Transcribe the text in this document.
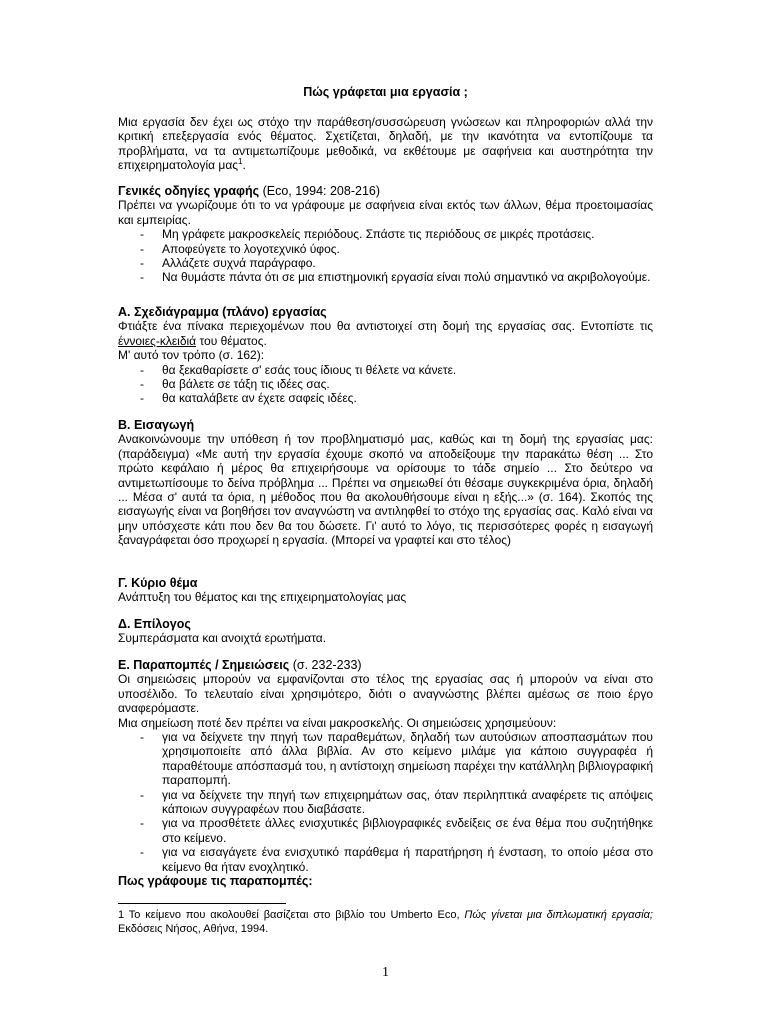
Πώς γράφεται μια εργασία ;

Μια εργασία δεν έχει ως στόχο την παράθεση/συσσώρευση γνώσεων και πληροφοριών αλλά την κριτική επεξεργασία ενός θέματος. Σχετίζεται, δηλαδή, με την ικανότητα να εντοπίζουμε τα προβλήματα, να τα αντιμετωπίζουμε μεθοδικά, να εκθέτουμε με σαφήνεια και αυστηρότητα την επιχειρηματολογία μας$^1$.

Γενικές οδηγίες γραφής (Eco, 1994: 208-216)

Πρέπει να γνωρίζουμε ότι το να γράφουμε με σαφήνεια είναι εκτός των άλλων, θέμα προετοιμασίας και εμπειρίας.

- Μη γράφετε μακροσκελείς περιόδους. Σπάστε τις περιόδους σε μικρές προτάσεις.
- Αποφεύγετε το λογοτεχνικό ύφος.
- Αλλάζετε συχνά παράγραφο.
- Να θυμάστε πάντα ότι σε μια επιστημονική εργασία είναι πολύ σημαντικό να ακριβολογούμε.

Α. Σχεδιάγραμμα (πλάνο) εργασίας

Φτιάξτε ένα πίνακα περιεχομένων που θα αντιστοιχεί στη δομή της εργασίας σας. Εντοπίστε τις έννοιες-κλειδιά του θέματος.

Μ' αυτό τον τρόπο (σ. 162):

- θα ξεκαθαρίσετε σ' εσάς τους ίδιους τι θέλετε να κάνετε.
- θα βάλετε σε τάξη τις ιδέες σας.
- θα καταλάβετε αν έχετε σαφείς ιδέες.

Β. Εισαγωγή

Ανακοινώνουμε την υπόθεση ή τον προβληματισμό μας, καθώς και τη δομή της εργασίας μας: (παράδειγμα) «Με αυτή την εργασία έχουμε σκοπό να αποδείξουμε την παρακάτω θέση ... Στο πρώτο κεφάλαιο ή μέρος θα επιχειρήσουμε να ορίσουμε το τάδε σημείο ... Στο δεύτερο να αντιμετωπίσουμε το δείνα πρόβλημα ... Πρέπει να σημειωθεί ότι θέσαμε συγκεκριμένα όρια, δηλαδή ... Μέσα σ' αυτά τα όρια, η μέθοδος που θα ακολουθήσουμε είναι η εξής...» (σ. 164). Σκοπός της εισαγωγής είναι να βοηθήσει τον αναγνώστη να αντιληφθεί το στόχο της εργασίας σας. Καλό είναι να μην υπόσχεστε κάτι που δεν θα του δώσετε. Γι' αυτό το λόγο, τις περισσότερες φορές η εισαγωγή ξαναγράφεται όσο προχωρεί η εργασία. (Μπορεί να γραφτεί και στο τέλος)

Γ. Κύριο θέμα

Ανάπτυξη του θέματος και της επιχειρηματολογίας μας

Δ. Επίλογος

Συμπεράσματα και ανοιχτά ερωτήματα.

Ε. Παραπομπές / Σημειώσεις (σ. 232-233)

Οι σημειώσεις μπορούν να εμφανίζονται στο τέλος της εργασίας σας ή μπορούν να είναι στο υποσέλιδο. Το τελευταίο είναι χρησιμότερο, διότι ο αναγνώστης βλέπει αμέσως σε ποιο έργο αναφερόμαστε.

Μια σημείωση ποτέ δεν πρέπει να είναι μακροσκελής. Οι σημειώσεις χρησιμεύουν:

- για να δείχνετε την πηγή των παραθεμάτων, δηλαδή των αυτούσιων αποσπασμάτων που χρησιμοποιείτε από άλλα βιβλία. Αν στο κείμενο μιλάμε για κάποιο συγγραφέα ή παραθέτουμε απόσπασμά του, η αντίστοιχη σημείωση παρέχει την κατάλληλη βιβλιογραφική παραπομπή.
- για να δείχνετε την πηγή των επιχειρημάτων σας, όταν περιληπτικά αναφέρετε τις απόψεις κάποιων συγγραφέων που διαβάσατε.
- για να προσθέτετε άλλες ενισχυτικές βιβλιογραφικές ενδείξεις σε ένα θέμα που συζητήθηκε στο κείμενο.
- για να εισαγάγετε ένα ενισχυτικό παράθεμα ή παρατήρηση ή ένσταση, το οποίο μέσα στο κείμενο θα ήταν ενοχλητικό.

Πως γράφουμε τις παραπομπές:

1 Το κείμενο που ακολουθεί βασίζεται στο βιβλίο του Umberto Eco, Πώς γίνεται μια διπλωματική εργασία; Εκδόσεις Νήσος, Αθήνα, 1994.
1
